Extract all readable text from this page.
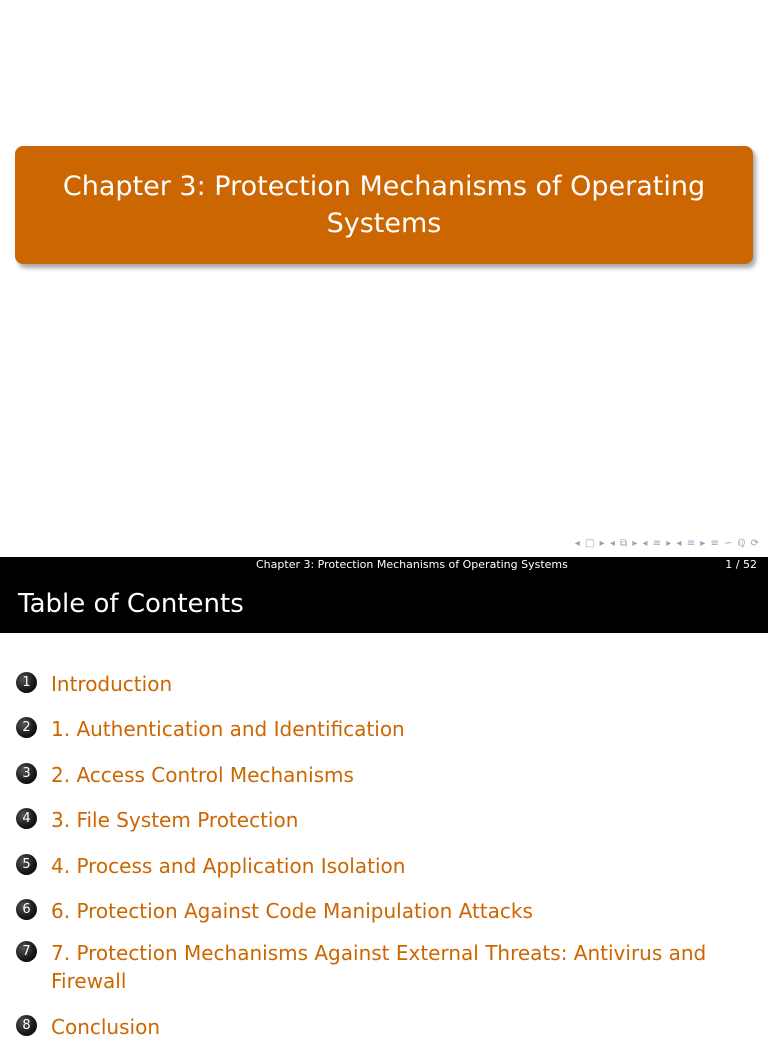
Chapter 3: Protection Mechanisms of Operating Systems
◂ □ ▸ ◂ ⧉ ▸ ◂ ≡ ▸ ◂ ≡ ▸ ≡ ∽ ℚ ⟳
Chapter 3: Protection Mechanisms of Operating Systems	1 / 52
Table of Contents
1	Introduction
2	1. Authentication and Identification
3	2. Access Control Mechanisms
4	3. File System Protection
5	4. Process and Application Isolation
6	6. Protection Against Code Manipulation Attacks
7	7. Protection Mechanisms Against External Threats: Antivirus and Firewall
8	Conclusion
